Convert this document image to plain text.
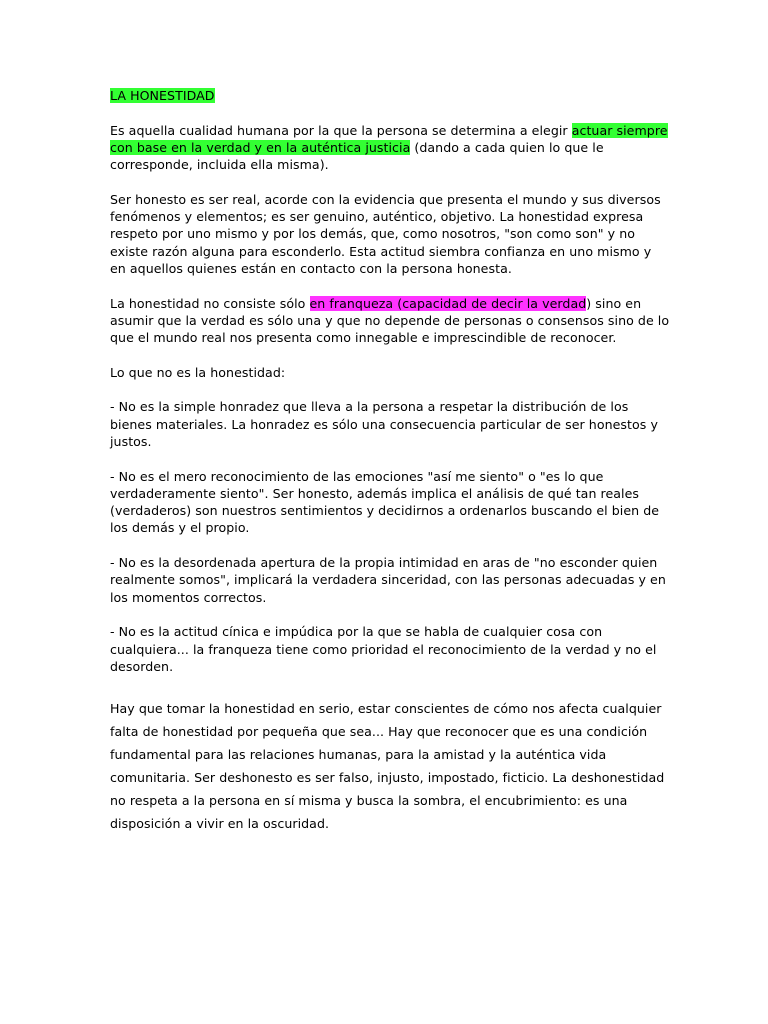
LA HONESTIDAD

Es aquella cualidad humana por la que la persona se determina a elegir actuar siempre con base en la verdad y en la auténtica justicia (dando a cada quien lo que le corresponde, incluida ella misma).

Ser honesto es ser real, acorde con la evidencia que presenta el mundo y sus diversos fenómenos y elementos; es ser genuino, auténtico, objetivo. La honestidad expresa respeto por uno mismo y por los demás, que, como nosotros, "son como son" y no existe razón alguna para esconderlo. Esta actitud siembra confianza en uno mismo y en aquellos quienes están en contacto con la persona honesta.

La honestidad no consiste sólo en franqueza (capacidad de decir la verdad) sino en asumir que la verdad es sólo una y que no depende de personas o consensos sino de lo que el mundo real nos presenta como innegable e imprescindible de reconocer.

Lo que no es la honestidad:

- No es la simple honradez que lleva a la persona a respetar la distribución de los bienes materiales. La honradez es sólo una consecuencia particular de ser honestos y justos.

- No es el mero reconocimiento de las emociones "así me siento" o "es lo que verdaderamente siento". Ser honesto, además implica el análisis de qué tan reales (verdaderos) son nuestros sentimientos y decidirnos a ordenarlos buscando el bien de los demás y el propio.

- No es la desordenada apertura de la propia intimidad en aras de "no esconder quien realmente somos", implicará la verdadera sinceridad, con las personas adecuadas y en los momentos correctos.

- No es la actitud cínica e impúdica por la que se habla de cualquier cosa con cualquiera... la franqueza tiene como prioridad el reconocimiento de la verdad y no el desorden.

Hay que tomar la honestidad en serio, estar conscientes de cómo nos afecta cualquier falta de honestidad por pequeña que sea... Hay que reconocer que es una condición fundamental para las relaciones humanas, para la amistad y la auténtica vida comunitaria. Ser deshonesto es ser falso, injusto, impostado, ficticio. La deshonestidad no respeta a la persona en sí misma y busca la sombra, el encubrimiento: es una disposición a vivir en la oscuridad.
